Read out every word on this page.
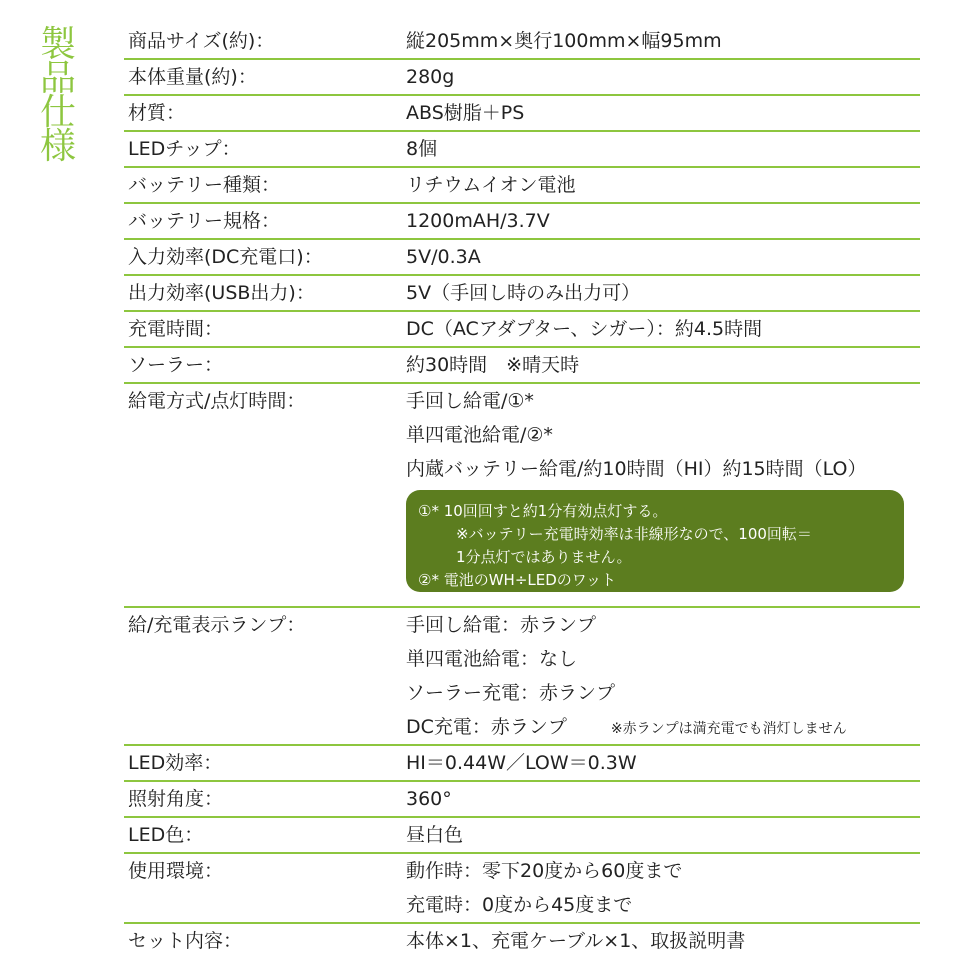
製
品
仕
様
商品サイズ(約)：	縦205mm×奥行100mm×幅95mm
本体重量(約)：	280g
材質：	ABS樹脂＋PS
LEDチップ：	8個
バッテリー種類：	リチウムイオン電池
バッテリー規格：	1200mAH/3.7V
入力効率(DC充電口)：	5V/0.3A
出力効率(USB出力)：	5V（手回し時のみ出力可）
充電時間：	DC（ACアダプター、シガー）：約4.5時間
ソーラー：	約30時間　※晴天時
給電方式/点灯時間：	手回し給電/①*
単四電池給電/②*
内蔵バッテリー給電/約10時間（HI）約15時間（LO）
①* 10回回すと約1分有効点灯する。
※バッテリー充電時効率は非線形なので、100回転＝
1分点灯ではありません。
②* 電池のWH÷LEDのワット
給/充電表示ランプ：	手回し給電：赤ランプ
単四電池給電：なし
ソーラー充電：赤ランプ
DC充電：赤ランプ	※赤ランプは満充電でも消灯しません
LED効率：	HI＝0.44W／LOW＝0.3W
照射角度：	360°
LED色：	昼白色
使用環境：	動作時：零下20度から60度まで
充電時：0度から45度まで
セット内容：	本体×1、充電ケーブル×1、取扱説明書
